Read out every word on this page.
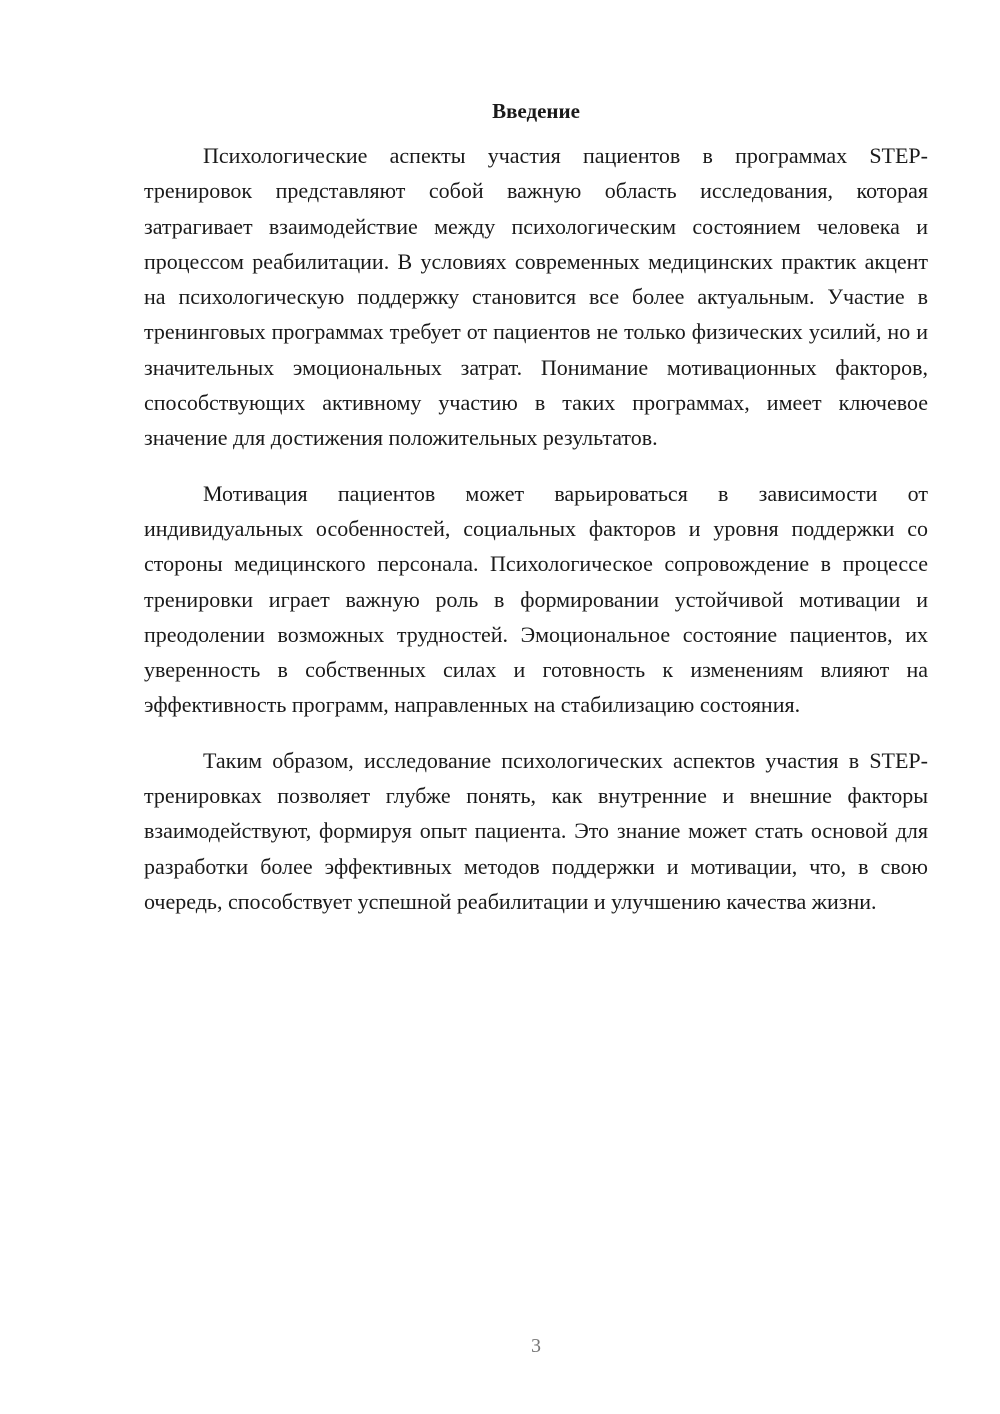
Введение

Психологические аспекты участия пациентов в программах STEP-тренировок представляют собой важную область исследования, которая затрагивает взаимодействие между психологическим состоянием человека и процессом реабилитации. В условиях современных медицинских практик акцент на психологическую поддержку становится все более актуальным. Участие в тренинговых программах требует от пациентов не только физических усилий, но и значительных эмоциональных затрат. Понимание мотивационных факторов, способствующих активному участию в таких программах, имеет ключевое значение для достижения положительных результатов.

Мотивация пациентов может варьироваться в зависимости от индивидуальных особенностей, социальных факторов и уровня поддержки со стороны медицинского персонала. Психологическое сопровождение в процессе тренировки играет важную роль в формировании устойчивой мотивации и преодолении возможных трудностей. Эмоциональное состояние пациентов, их уверенность в собственных силах и готовность к изменениям влияют на эффективность программ, направленных на стабилизацию состояния.

Таким образом, исследование психологических аспектов участия в STEP-тренировках позволяет глубже понять, как внутренние и внешние факторы взаимодействуют, формируя опыт пациента. Это знание может стать основой для разработки более эффективных методов поддержки и мотивации, что, в свою очередь, способствует успешной реабилитации и улучшению качества жизни.

3
